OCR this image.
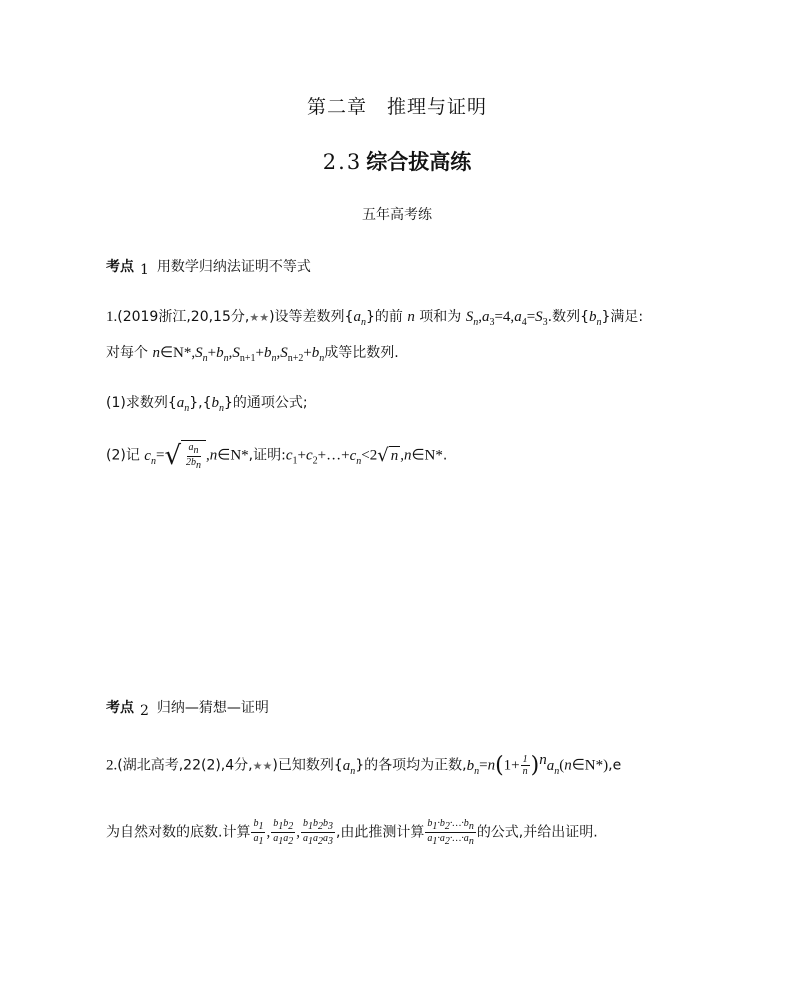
第二章　推理与证明
2.3 综合拔高练
五年高考练
考点 1 用数学归纳法证明不等式
1.(2019浙江,20,15分,★★)设等差数列$\{a_n\}$的前 n 项和为 $S_n,a_3=4,a_4=S_3$.数列$\{b_n\}$满足:
对每个 $n\in N*,S_n+b_n,S_{n+1}+b_n,S_{n+2}+b_n$成等比数列.
(1)求数列$\{a_n\},\{b_n\}$的通项公式;
(2)记 $c_n=$ √ $\frac{a_n}{2b_n}$ ,n∈N*,证明$:c_1+c_2+\dots+c_n<2$ √ n ,n∈N*.
考点 2 归纳—猜想—证明
2.(湖北高考,22(2),4分,★★)已知数列$\{a_n\}$的各项均为正数$,b_n=n(1+ \frac{1}{n}$ )$^na_n(n\in N*),e$
为自然对数的底数.计算 $\frac{b_1}{a_1}$ , $\frac{b_1b_2}{a_1a_2}$ , $\frac{b_1b_2b_3}{a_1a_2a_3}$ ,由此推测计算 $\frac{b_1\cdot b_2\cdot\dots\cdot b_n}{a_1\cdot a_2\cdot\dots\cdot a_n}$ 的公式,并给出证明.
